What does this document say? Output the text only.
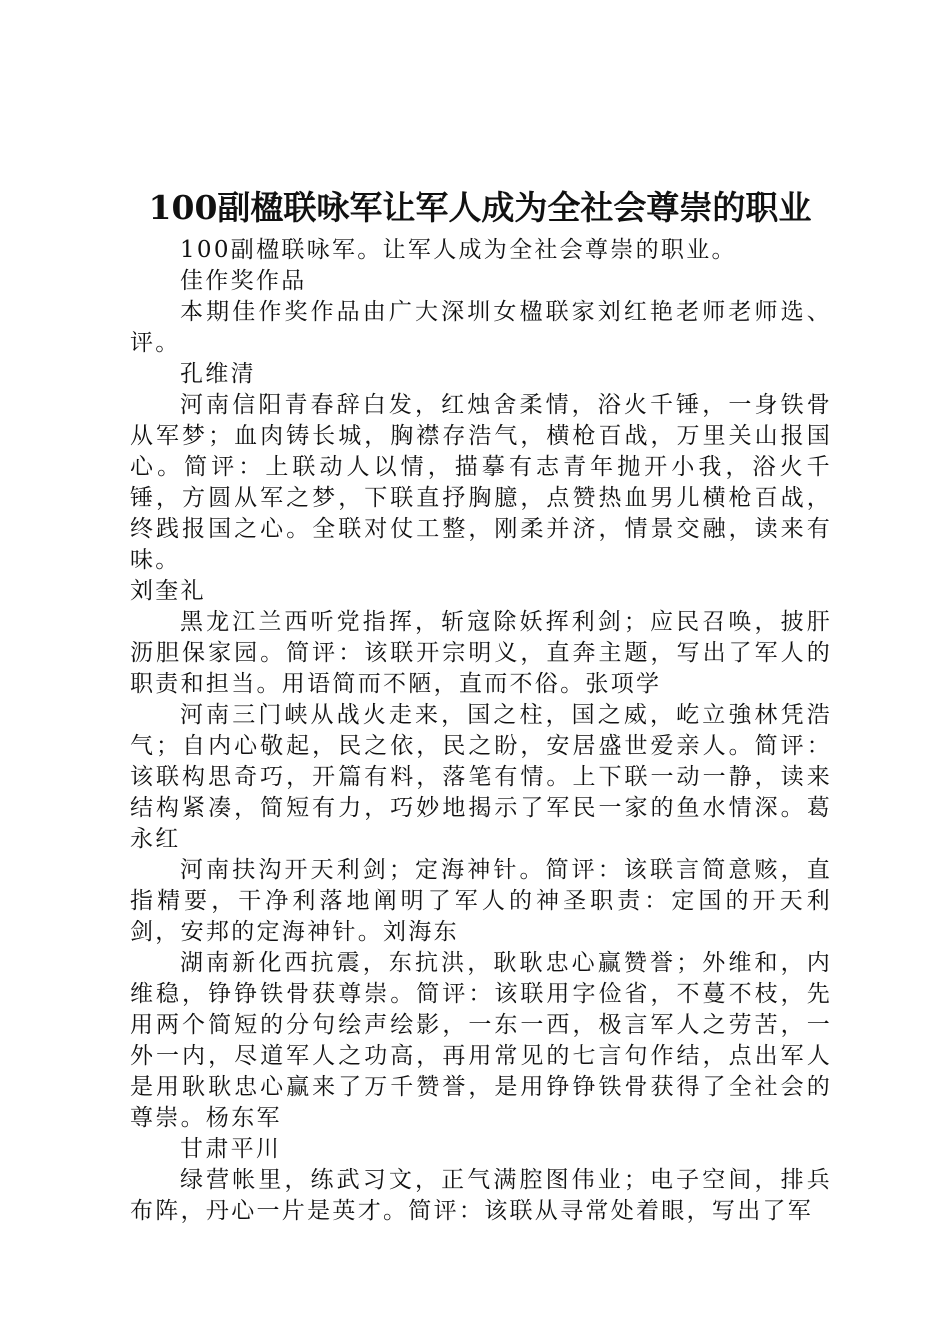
100副楹联咏军让军人成为全社会尊崇的职业

100副楹联咏军。让军人成为全社会尊崇的职业。

佳作奖作品

本期佳作奖作品由广大深圳女楹联家刘红艳老师老师选、评。

孔维清

河南信阳青春辞白发，红烛舍柔情，浴火千锤，一身铁骨从军梦；血肉铸长城，胸襟存浩气，横枪百战，万里关山报国心。简评：上联动人以情，描摹有志青年抛开小我，浴火千锤，方圆从军之梦，下联直抒胸臆，点赞热血男儿横枪百战，终践报国之心。全联对仗工整，刚柔并济，情景交融，读来有味。

刘奎礼

黑龙江兰西听党指挥，斩寇除妖挥利剑；应民召唤，披肝沥胆保家园。简评：该联开宗明义，直奔主题，写出了军人的职责和担当。用语简而不陋，直而不俗。张项学

河南三门峡从战火走来，国之柱，国之威，屹立強林凭浩气；自内心敬起，民之依，民之盼，安居盛世爱亲人。简评：该联构思奇巧，开篇有料，落笔有情。上下联一动一静，读来结构紧凑，简短有力，巧妙地揭示了军民一家的鱼水情深。葛永红

河南扶沟开天利剑；定海神针。简评：该联言简意赅，直指精要，干净利落地阐明了军人的神圣职责：定国的开天利剑，安邦的定海神针。刘海东

湖南新化西抗震，东抗洪，耿耿忠心赢赞誉；外维和，内维稳，铮铮铁骨获尊崇。简评：该联用字俭省，不蔓不枝，先用两个简短的分句绘声绘影，一东一西，极言军人之劳苦，一外一内，尽道军人之功高，再用常见的七言句作结，点出军人是用耿耿忠心赢来了万千赞誉，是用铮铮铁骨获得了全社会的尊崇。杨东军

甘肃平川

绿营帐里，练武习文，正气满腔图伟业；电子空间，排兵布阵，丹心一片是英才。简评：该联从寻常处着眼，写出了军
